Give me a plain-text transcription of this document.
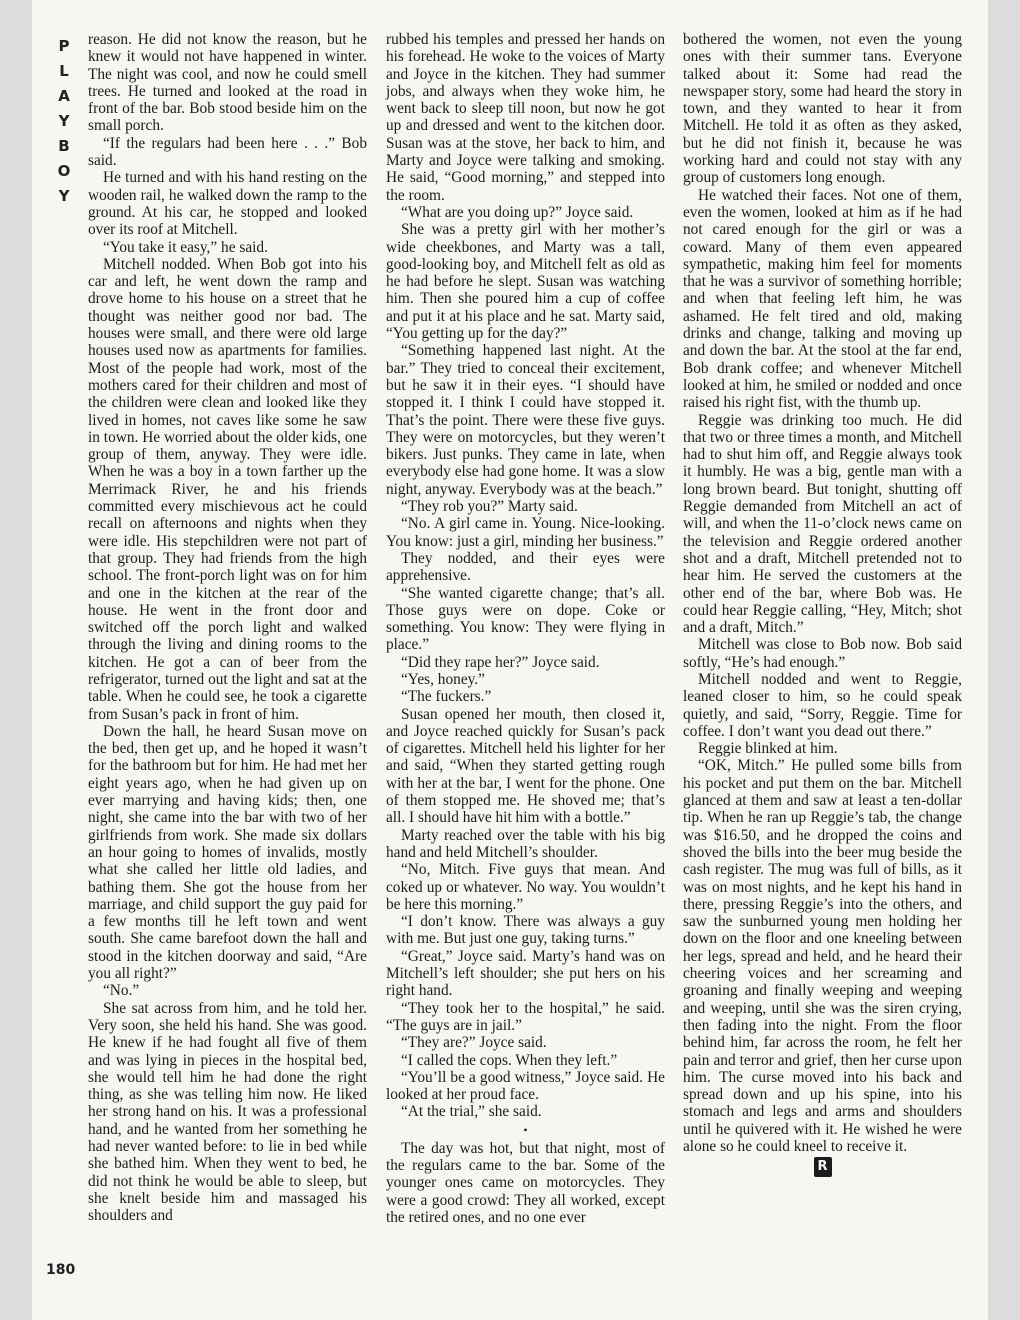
P
L
A
Y
B
O
Y
180

reason. He did not know the reason, but he knew it would not have happened in winter. The night was cool, and now he could smell trees. He turned and looked at the road in front of the bar. Bob stood beside him on the small porch.

“If the regulars had been here . . .” Bob said.

He turned and with his hand resting on the wooden rail, he walked down the ramp to the ground. At his car, he stopped and looked over its roof at Mitchell.

“You take it easy,” he said.

Mitchell nodded. When Bob got into his car and left, he went down the ramp and drove home to his house on a street that he thought was neither good nor bad. The houses were small, and there were old large houses used now as apartments for families. Most of the people had work, most of the mothers cared for their children and most of the children were clean and looked like they lived in homes, not caves like some he saw in town. He worried about the older kids, one group of them, anyway. They were idle. When he was a boy in a town farther up the Merrimack River, he and his friends committed every mischievous act he could recall on afternoons and nights when they were idle. His stepchildren were not part of that group. They had friends from the high school. The front-porch light was on for him and one in the kitchen at the rear of the house. He went in the front door and switched off the porch light and walked through the living and dining rooms to the kitchen. He got a can of beer from the refrigerator, turned out the light and sat at the table. When he could see, he took a cigarette from Susan’s pack in front of him.

Down the hall, he heard Susan move on the bed, then get up, and he hoped it wasn’t for the bathroom but for him. He had met her eight years ago, when he had given up on ever marrying and having kids; then, one night, she came into the bar with two of her girlfriends from work. She made six dollars an hour going to homes of invalids, mostly what she called her little old ladies, and bathing them. She got the house from her marriage, and child support the guy paid for a few months till he left town and went south. She came barefoot down the hall and stood in the kitchen doorway and said, “Are you all right?”

“No.”

She sat across from him, and he told her. Very soon, she held his hand. She was good. He knew if he had fought all five of them and was lying in pieces in the hospital bed, she would tell him he had done the right thing, as she was telling him now. He liked her strong hand on his. It was a professional hand, and he wanted from her something he had never wanted before: to lie in bed while she bathed him. When they went to bed, he did not think he would be able to sleep, but she knelt beside him and massaged his shoulders and

rubbed his temples and pressed her hands on his forehead. He woke to the voices of Marty and Joyce in the kitchen. They had summer jobs, and always when they woke him, he went back to sleep till noon, but now he got up and dressed and went to the kitchen door. Susan was at the stove, her back to him, and Marty and Joyce were talking and smoking. He said, “Good morning,” and stepped into the room.

“What are you doing up?” Joyce said.

She was a pretty girl with her mother’s wide cheekbones, and Marty was a tall, good-looking boy, and Mitchell felt as old as he had before he slept. Susan was watching him. Then she poured him a cup of coffee and put it at his place and he sat. Marty said, “You getting up for the day?”

“Something happened last night. At the bar.” They tried to conceal their excitement, but he saw it in their eyes. “I should have stopped it. I think I could have stopped it. That’s the point. There were these five guys. They were on motorcycles, but they weren’t bikers. Just punks. They came in late, when everybody else had gone home. It was a slow night, anyway. Everybody was at the beach.”

“They rob you?” Marty said.

“No. A girl came in. Young. Nice-looking. You know: just a girl, minding her business.”

They nodded, and their eyes were apprehensive.

“She wanted cigarette change; that’s all. Those guys were on dope. Coke or something. You know: They were flying in place.”

“Did they rape her?” Joyce said.

“Yes, honey.”

“The fuckers.”

Susan opened her mouth, then closed it, and Joyce reached quickly for Susan’s pack of cigarettes. Mitchell held his lighter for her and said, “When they started getting rough with her at the bar, I went for the phone. One of them stopped me. He shoved me; that’s all. I should have hit him with a bottle.”

Marty reached over the table with his big hand and held Mitchell’s shoulder.

“No, Mitch. Five guys that mean. And coked up or whatever. No way. You wouldn’t be here this morning.”

“I don’t know. There was always a guy with me. But just one guy, taking turns.”

“Great,” Joyce said. Marty’s hand was on Mitchell’s left shoulder; she put hers on his right hand.

“They took her to the hospital,” he said. “The guys are in jail.”

“They are?” Joyce said.

“I called the cops. When they left.”

“You’ll be a good witness,” Joyce said. He looked at her proud face.

“At the trial,” she said.

•

The day was hot, but that night, most of the regulars came to the bar. Some of the younger ones came on motorcycles. They were a good crowd: They all worked, except the retired ones, and no one ever

bothered the women, not even the young ones with their summer tans. Everyone talked about it: Some had read the newspaper story, some had heard the story in town, and they wanted to hear it from Mitchell. He told it as often as they asked, but he did not finish it, because he was working hard and could not stay with any group of customers long enough.

He watched their faces. Not one of them, even the women, looked at him as if he had not cared enough for the girl or was a coward. Many of them even appeared sympathetic, making him feel for moments that he was a survivor of something horrible; and when that feeling left him, he was ashamed. He felt tired and old, making drinks and change, talking and moving up and down the bar. At the stool at the far end, Bob drank coffee; and whenever Mitchell looked at him, he smiled or nodded and once raised his right fist, with the thumb up.

Reggie was drinking too much. He did that two or three times a month, and Mitchell had to shut him off, and Reggie always took it humbly. He was a big, gentle man with a long brown beard. But tonight, shutting off Reggie demanded from Mitchell an act of will, and when the 11-o’clock news came on the television and Reggie ordered another shot and a draft, Mitchell pretended not to hear him. He served the customers at the other end of the bar, where Bob was. He could hear Reggie calling, “Hey, Mitch; shot and a draft, Mitch.”

Mitchell was close to Bob now. Bob said softly, “He’s had enough.”

Mitchell nodded and went to Reggie, leaned closer to him, so he could speak quietly, and said, “Sorry, Reggie. Time for coffee. I don’t want you dead out there.”

Reggie blinked at him.

“OK, Mitch.” He pulled some bills from his pocket and put them on the bar. Mitchell glanced at them and saw at least a ten-dollar tip. When he ran up Reggie’s tab, the change was $16.50, and he dropped the coins and shoved the bills into the beer mug beside the cash register. The mug was full of bills, as it was on most nights, and he kept his hand in there, pressing Reggie’s into the others, and saw the sunburned young men holding her down on the floor and one kneeling between her legs, spread and held, and he heard their cheering voices and her screaming and groaning and finally weeping and weeping and weeping, until she was the siren crying, then fading into the night. From the floor behind him, far across the room, he felt her pain and terror and grief, then her curse upon him. The curse moved into his back and spread down and up his spine, into his stomach and legs and arms and shoulders until he quivered with it. He wished he were alone so he could kneel to receive it.

R
